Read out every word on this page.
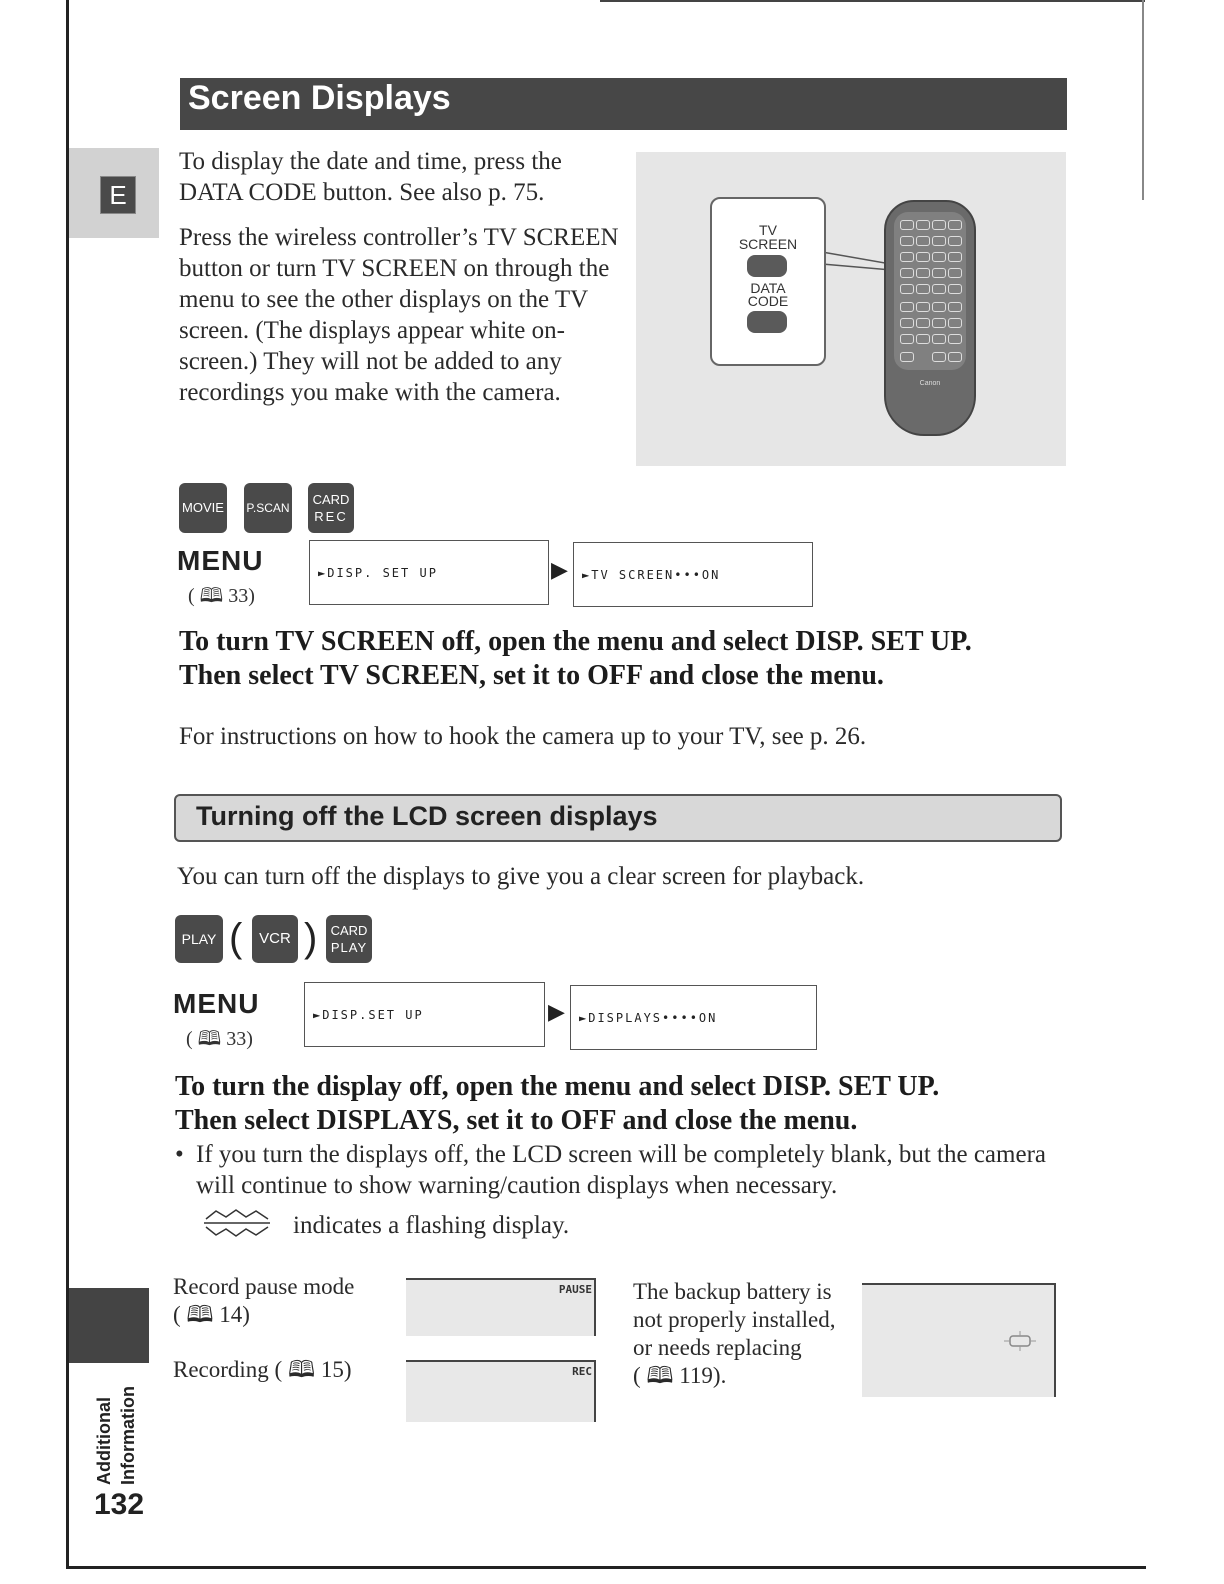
E
Additional Information
132
Screen Displays
To display the date and time, press the DATA CODE button. See also p. 75.
Press the wireless controller’s TV SCREEN button or turn TV SCREEN on through the menu to see the other displays on the TV screen. (The displays appear white on-screen.) They will not be added to any recordings you make with the camera.
TV
SCREEN
DATA
CODE
Canon
MOVIE P.SCAN
CARD
REC
MENU
( 🕮 33)
►DISP. SET UP	▶	►TV SCREEN•••ON
To turn TV SCREEN off, open the menu and select DISP. SET UP.
Then select TV SCREEN, set it to OFF and close the menu.
For instructions on how to hook the camera up to your TV, see p. 26.
Turning off the LCD screen displays
You can turn off the displays to give you a clear screen for playback.
PLAY (	VCR )	CARD
PLAY
MENU
( 🕮 33)
►DISP.SET UP	▶	►DISPLAYS••••ON
To turn the display off, open the menu and select DISP. SET UP.
Then select DISPLAYS, set it to OFF and close the menu.
• If you turn the displays off, the LCD screen will be completely blank, but the camera will continue to show warning/caution displays when necessary.
indicates a flashing display.
Record pause mode
( 🕮 14)
PAUSE
Recording ( 🕮 15)	REC
The backup battery is
not properly installed,
or needs replacing
( 🕮 119).
